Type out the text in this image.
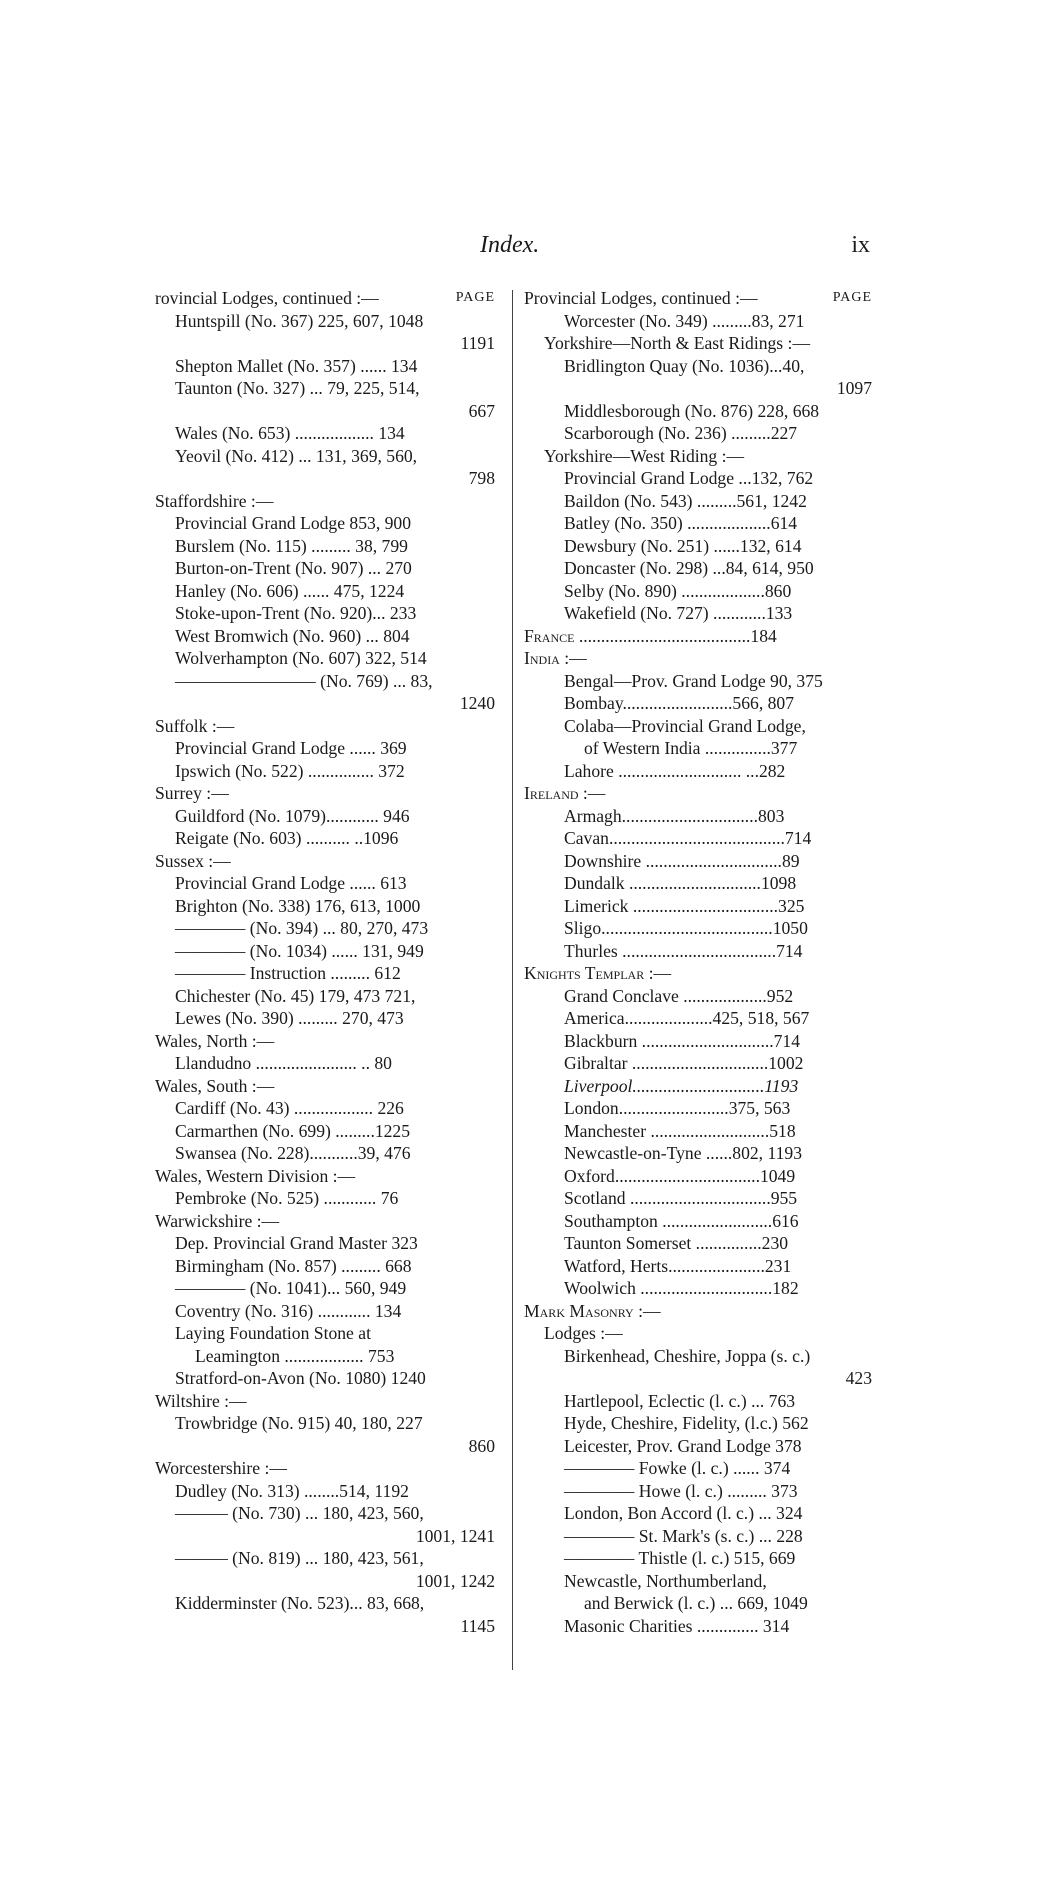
Index.	ix
rovincial Lodges, continued :—	PAGE
Huntspill (No. 367) 225, 607, 1048
1191
Shepton Mallet (No. 357) ...... 134
Taunton (No. 327) ... 79, 225, 514,
667
Wales (No. 653) .................. 134
Yeovil (No. 412) ... 131, 369, 560,
798
Staffordshire :—
Provincial Grand Lodge 853, 900
Burslem (No. 115) ......... 38, 799
Burton-on-Trent (No. 907) ... 270
Hanley (No. 606) ...... 475, 1224
Stoke-upon-Trent (No. 920)... 233
West Bromwich (No. 960) ... 804
Wolverhampton (No. 607) 322, 514
———————— (No. 769) ... 83,
1240
Suffolk :—
Provincial Grand Lodge ...... 369
Ipswich (No. 522) ............... 372
Surrey :—
Guildford (No. 1079)............ 946
Reigate (No. 603) .......... ..1096
Sussex :—
Provincial Grand Lodge ...... 613
Brighton (No. 338) 176, 613, 1000
———— (No. 394) ... 80, 270, 473
———— (No. 1034) ...... 131, 949
———— Instruction ......... 612
Chichester (No. 45) 179, 473 721,
Lewes (No. 390) ......... 270, 473
Wales, North :—
Llandudno ....................... .. 80
Wales, South :—
Cardiff (No. 43) .................. 226
Carmarthen (No. 699) .........1225
Swansea (No. 228)...........39, 476
Wales, Western Division :—
Pembroke (No. 525) ............ 76
Warwickshire :—
Dep. Provincial Grand Master 323
Birmingham (No. 857) ......... 668
———— (No. 1041)... 560, 949
Coventry (No. 316) ............ 134
Laying Foundation Stone at
Leamington .................. 753
Stratford-on-Avon (No. 1080) 1240
Wiltshire :—
Trowbridge (No. 915) 40, 180, 227
860
Worcestershire :—
Dudley (No. 313) ........514, 1192
——— (No. 730) ... 180, 423, 560,
1001, 1241
——— (No. 819) ... 180, 423, 561,
1001, 1242
Kidderminster (No. 523)... 83, 668,
1145
Provincial Lodges, continued :—	PAGE
Worcester (No. 349) .........83, 271
Yorkshire—North & East Ridings :—
Bridlington Quay (No. 1036)...40,
1097
Middlesborough (No. 876) 228, 668
Scarborough (No. 236) .........227
Yorkshire—West Riding :—
Provincial Grand Lodge ...132, 762
Baildon (No. 543) .........561, 1242
Batley (No. 350) ...................614
Dewsbury (No. 251) ......132, 614
Doncaster (No. 298) ...84, 614, 950
Selby (No. 890) ...................860
Wakefield (No. 727) ............133
France .......................................184
India :—
Bengal—Prov. Grand Lodge 90, 375
Bombay.........................566, 807
Colaba—Provincial Grand Lodge,
of Western India ...............377
Lahore ............................ ...282
Ireland :—
Armagh...............................803
Cavan........................................714
Downshire ...............................89
Dundalk ..............................1098
Limerick .................................325
Sligo.......................................1050
Thurles ...................................714
Knights Templar :—
Grand Conclave ...................952
America....................425, 518, 567
Blackburn ..............................714
Gibraltar ...............................1002
Liverpool..............................1193
London.........................375, 563
Manchester ...........................518
Newcastle-on-Tyne ......802, 1193
Oxford.................................1049
Scotland ................................955
Southampton .........................616
Taunton Somerset ...............230
Watford, Herts......................231
Woolwich ..............................182
Mark Masonry :—
Lodges :—
Birkenhead, Cheshire, Joppa (s. c.)
423
Hartlepool, Eclectic (l. c.) ... 763
Hyde, Cheshire, Fidelity, (l.c.) 562
Leicester, Prov. Grand Lodge 378
———— Fowke (l. c.) ...... 374
———— Howe (l. c.) ......... 373
London, Bon Accord (l. c.) ... 324
———— St. Mark's (s. c.) ... 228
———— Thistle (l. c.) 515, 669
Newcastle, Northumberland,
and Berwick (l. c.) ... 669, 1049
Masonic Charities .............. 314
